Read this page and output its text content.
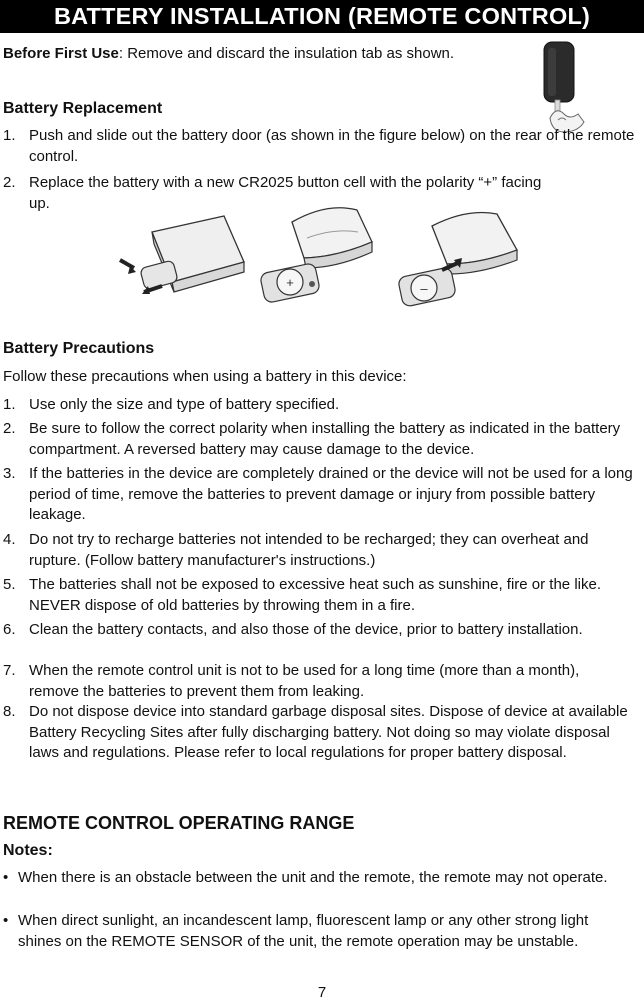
BATTERY INSTALLATION (REMOTE CONTROL)
Before First Use: Remove and discard the insulation tab as shown.
Battery Replacement
1. Push and slide out the battery door (as shown in the figure below) on the rear of the remote control.
2. Replace the battery with a new CR2025 button cell with the polarity “+” facing up.
+	–
Battery Precautions
Follow these precautions when using a battery in this device:
1. Use only the size and type of battery specified.
2. Be sure to follow the correct polarity when installing the battery as indicated in the battery compartment. A reversed battery may cause damage to the device.
3. If the batteries in the device are completely drained or the device will not be used for a long period of time, remove the batteries to prevent damage or injury from possible battery leakage.
4. Do not try to recharge batteries not intended to be recharged; they can overheat and rupture. (Follow battery manufacturer's instructions.)
5. The batteries shall not be exposed to excessive heat such as sunshine, fire or the like. NEVER dispose of old batteries by throwing them in a fire.
6. Clean the battery contacts, and also those of the device, prior to battery installation.
7. When the remote control unit is not to be used for a long time (more than a month), remove the batteries to prevent them from leaking.
8. Do not dispose device into standard garbage disposal sites. Dispose of device at available Battery Recycling Sites after fully discharging battery. Not doing so may violate disposal laws and regulations. Please refer to local regulations for proper battery disposal.
REMOTE CONTROL OPERATING RANGE
Notes:
• When there is an obstacle between the unit and the remote, the remote may not operate.
• When direct sunlight, an incandescent lamp, fluorescent lamp or any other strong light shines on the REMOTE SENSOR of the unit, the remote operation may be unstable.
7
